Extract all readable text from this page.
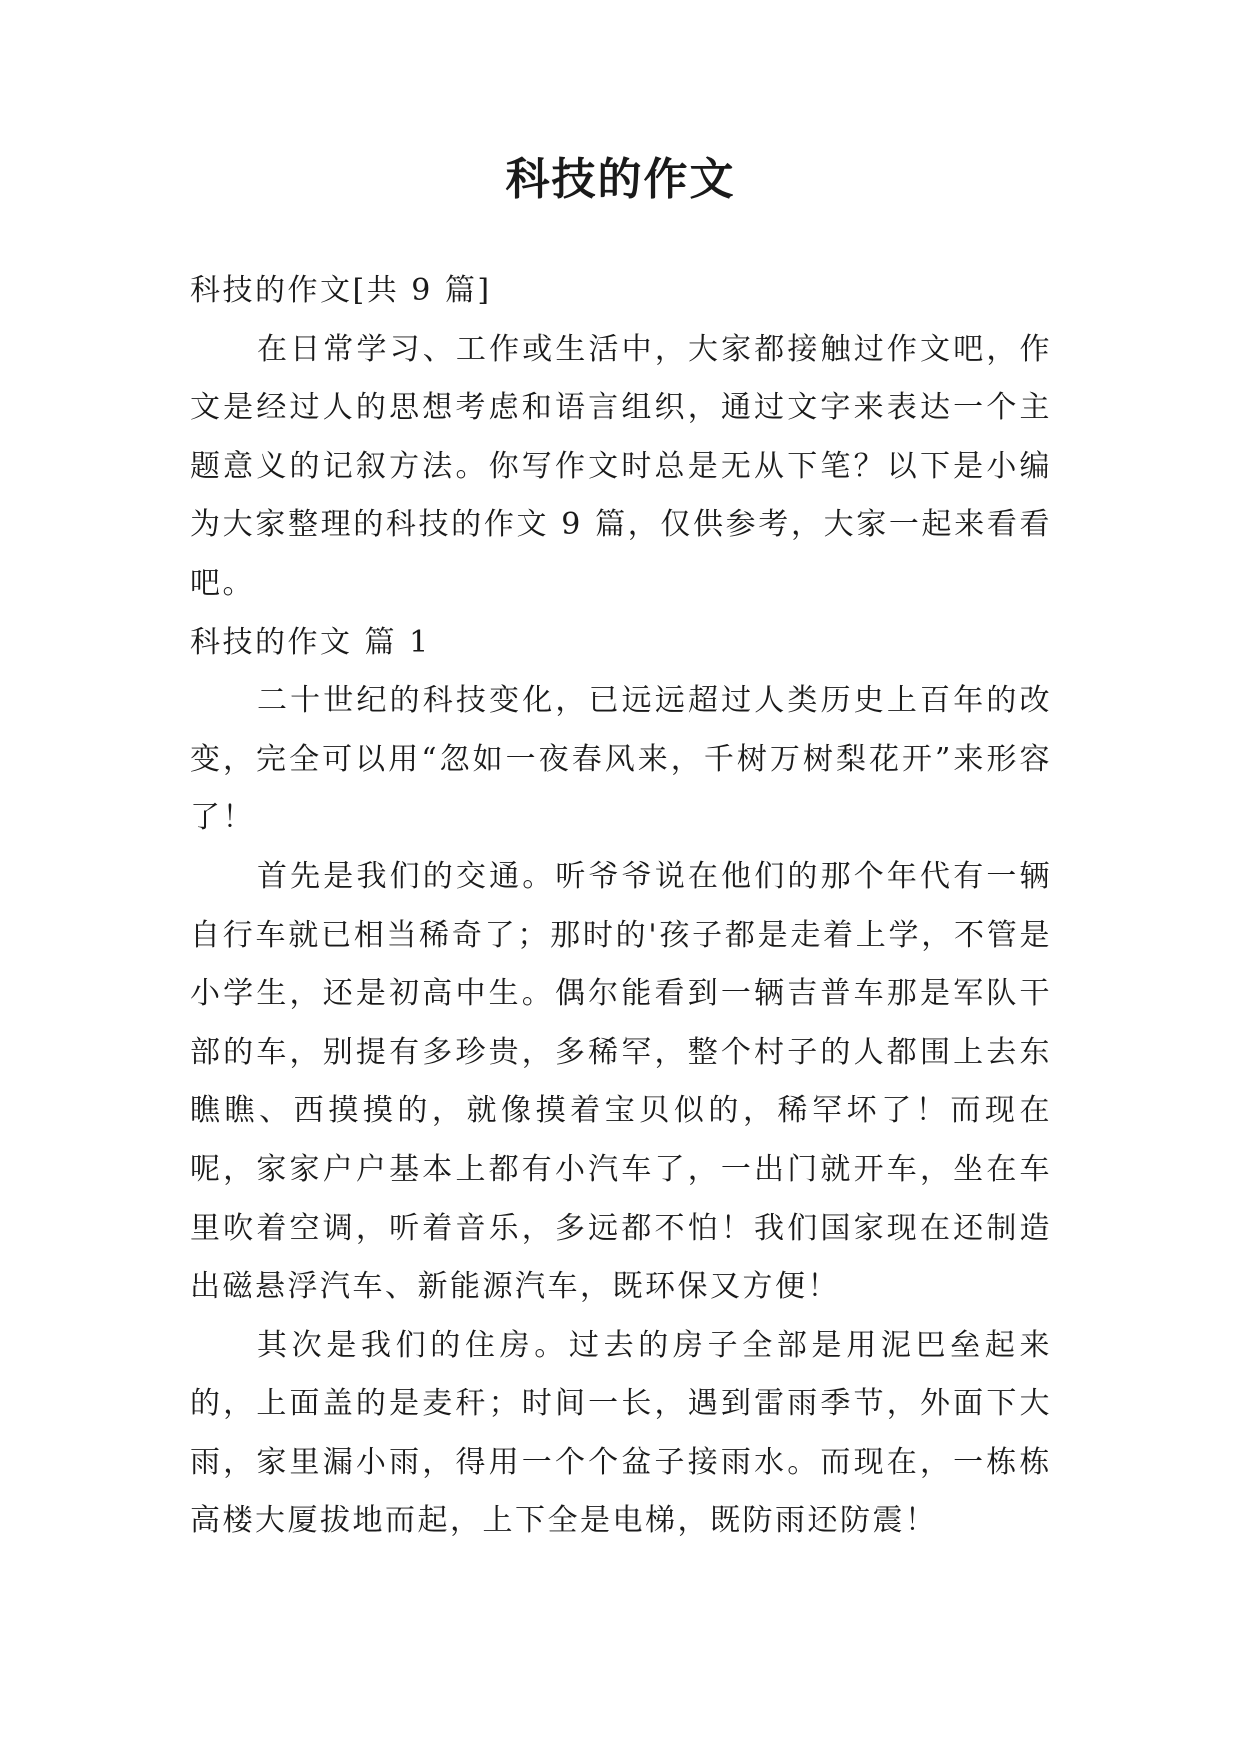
科技的作文

科技的作文[共 9 篇]

在日常学习、工作或生活中，大家都接触过作文吧，作文是经过人的思想考虑和语言组织，通过文字来表达一个主题意义的记叙方法。你写作文时总是无从下笔？以下是小编为大家整理的科技的作文 9 篇，仅供参考，大家一起来看看吧。

科技的作文 篇 1

二十世纪的科技变化，已远远超过人类历史上百年的改变，完全可以用“忽如一夜春风来，千树万树梨花开”来形容了！

首先是我们的交通。听爷爷说在他们的那个年代有一辆自行车就已相当稀奇了；那时的'孩子都是走着上学，不管是小学生，还是初高中生。偶尔能看到一辆吉普车那是军队干部的车，别提有多珍贵，多稀罕，整个村子的人都围上去东瞧瞧、西摸摸的，就像摸着宝贝似的，稀罕坏了！而现在呢，家家户户基本上都有小汽车了，一出门就开车，坐在车里吹着空调，听着音乐，多远都不怕！我们国家现在还制造出磁悬浮汽车、新能源汽车，既环保又方便！

其次是我们的住房。过去的房子全部是用泥巴垒起来的，上面盖的是麦秆；时间一长，遇到雷雨季节，外面下大雨，家里漏小雨，得用一个个盆子接雨水。而现在，一栋栋高楼大厦拔地而起，上下全是电梯，既防雨还防震！
